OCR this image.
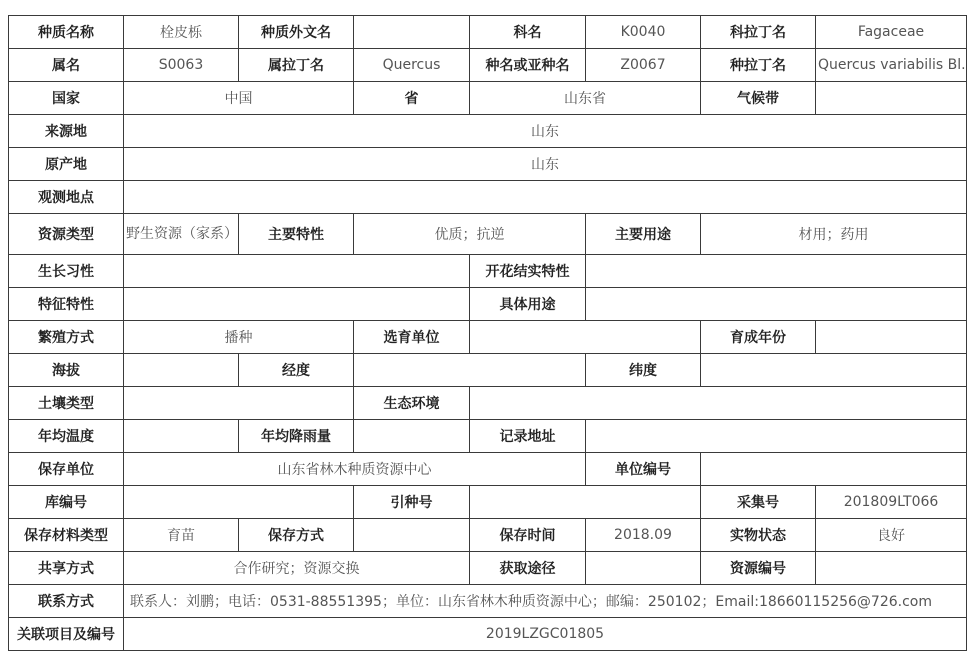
种质名称	栓皮栎	种质外文名		科名	K0040	科拉丁名	Fagaceae
属名	S0063	属拉丁名	Quercus	种名或亚种名	Z0067	种拉丁名	Quercus variabilis Bl.
国家	中国		省	山东省		气候带	
来源地	山东						
原产地	山东						
观测地点							
资源类型	野生资源（家系）	主要特性	优质；抗逆		主要用途	材用；药用	
生长习性				开花结实特性			
特征特性				具体用途			
繁殖方式	播种		选育单位			育成年份	
海拔		经度			纬度		
土壤类型			生态环境				
年均温度		年均降雨量		记录地址			
保存单位	山东省林木种质资源中心				单位编号		
库编号			引种号			采集号	201809LT066
保存材料类型	育苗	保存方式		保存时间	2018.09	实物状态	良好
共享方式	合作研究；资源交换			获取途径		资源编号	
联系方式	联系人：刘鹏；电话：0531-88551395；单位：山东省林木种质资源中心；邮编：250102；Email:18660115256@726.com						
关联项目及编号	2019LZGC01805						
